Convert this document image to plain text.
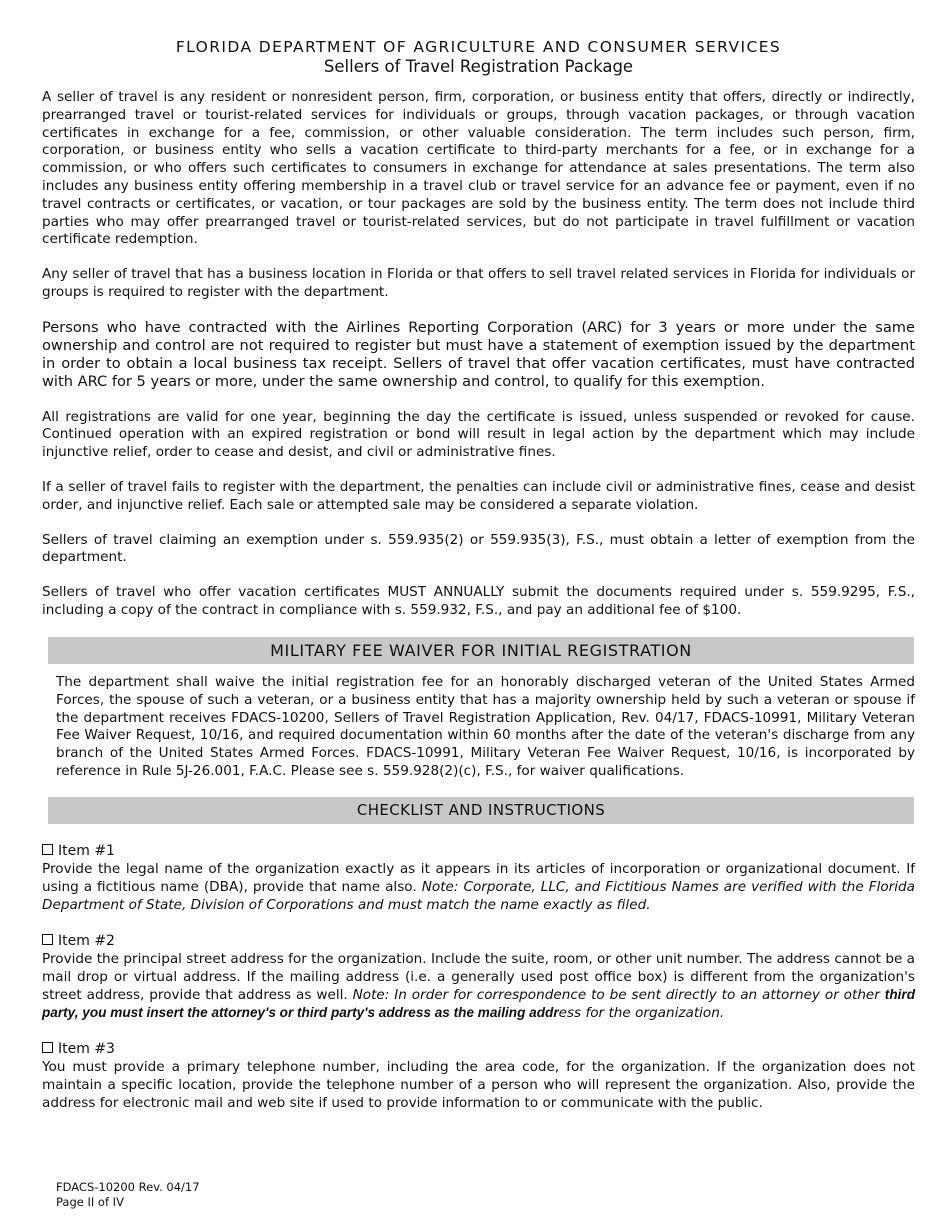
FLORIDA DEPARTMENT OF AGRICULTURE AND CONSUMER SERVICES
Sellers of Travel Registration Package

A seller of travel is any resident or nonresident person, firm, corporation, or business entity that offers, directly or indirectly, prearranged travel or tourist-related services for individuals or groups, through vacation packages, or through vacation certificates in exchange for a fee, commission, or other valuable consideration. The term includes such person, firm, corporation, or business entity who sells a vacation certificate to third-party merchants for a fee, or in exchange for a commission, or who offers such certificates to consumers in exchange for attendance at sales presentations. The term also includes any business entity offering membership in a travel club or travel service for an advance fee or payment, even if no travel contracts or certificates, or vacation, or tour packages are sold by the business entity. The term does not include third parties who may offer prearranged travel or tourist-related services, but do not participate in travel fulfillment or vacation certificate redemption.

Any seller of travel that has a business location in Florida or that offers to sell travel related services in Florida for individuals or groups is required to register with the department.

Persons who have contracted with the Airlines Reporting Corporation (ARC) for 3 years or more under the same ownership and control are not required to register but must have a statement of exemption issued by the department in order to obtain a local business tax receipt. Sellers of travel that offer vacation certificates, must have contracted with ARC for 5 years or more, under the same ownership and control, to qualify for this exemption.

All registrations are valid for one year, beginning the day the certificate is issued, unless suspended or revoked for cause. Continued operation with an expired registration or bond will result in legal action by the department which may include injunctive relief, order to cease and desist, and civil or administrative fines.

If a seller of travel fails to register with the department, the penalties can include civil or administrative fines, cease and desist order, and injunctive relief. Each sale or attempted sale may be considered a separate violation.

Sellers of travel claiming an exemption under s. 559.935(2) or 559.935(3), F.S., must obtain a letter of exemption from the department.

Sellers of travel who offer vacation certificates MUST ANNUALLY submit the documents required under s. 559.9295, F.S., including a copy of the contract in compliance with s. 559.932, F.S., and pay an additional fee of $100.

MILITARY FEE WAIVER FOR INITIAL REGISTRATION
The department shall waive the initial registration fee for an honorably discharged veteran of the United States Armed Forces, the spouse of such a veteran, or a business entity that has a majority ownership held by such a veteran or spouse if the department receives FDACS-10200, Sellers of Travel Registration Application, Rev. 04/17, FDACS-10991, Military Veteran Fee Waiver Request, 10/16, and required documentation within 60 months after the date of the veteran's discharge from any branch of the United States Armed Forces. FDACS-10991, Military Veteran Fee Waiver Request, 10/16, is incorporated by reference in Rule 5J-26.001, F.A.C. Please see s. 559.928(2)(c), F.S., for waiver qualifications.
CHECKLIST AND INSTRUCTIONS
Item #1

Provide the legal name of the organization exactly as it appears in its articles of incorporation or organizational document. If using a fictitious name (DBA), provide that name also. Note: Corporate, LLC, and Fictitious Names are verified with the Florida Department of State, Division of Corporations and must match the name exactly as filed.

Item #2

Provide the principal street address for the organization. Include the suite, room, or other unit number. The address cannot be a mail drop or virtual address. If the mailing address (i.e. a generally used post office box) is different from the organization's street address, provide that address as well. Note: In order for correspondence to be sent directly to an attorney or other third party, you must insert the attorney's or third party's address as the mailing address for the organization.

Item #3

You must provide a primary telephone number, including the area code, for the organization. If the organization does not maintain a specific location, provide the telephone number of a person who will represent the organization. Also, provide the address for electronic mail and web site if used to provide information to or communicate with the public.

FDACS-10200 Rev. 04/17
Page II of IV
